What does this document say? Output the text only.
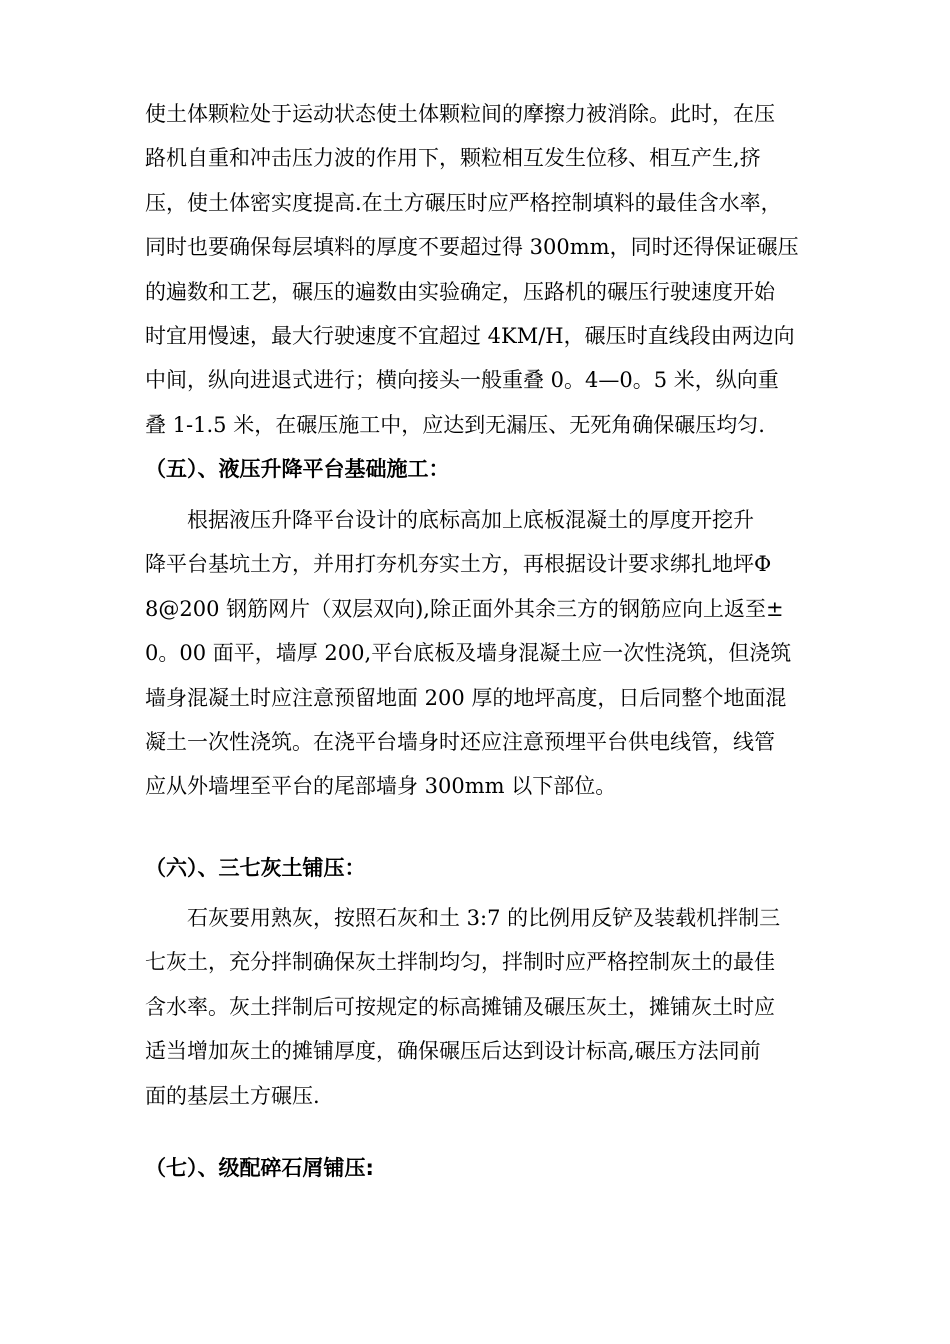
使土体颗粒处于运动状态使土体颗粒间的摩擦力被消除。此时，在压
路机自重和冲击压力波的作用下，颗粒相互发生位移、相互产生,挤
压，使土体密实度提高.在土方碾压时应严格控制填料的最佳含水率，
同时也要确保每层填料的厚度不要超过得 300mm，同时还得保证碾压
的遍数和工艺，碾压的遍数由实验确定，压路机的碾压行驶速度开始
时宜用慢速，最大行驶速度不宜超过 4KM/H，碾压时直线段由两边向
中间，纵向进退式进行；横向接头一般重叠 0。4—0。5 米，纵向重
叠 1-1.5 米，在碾压施工中，应达到无漏压、无死角确保碾压均匀.
（五）、液压升降平台基础施工：
根据液压升降平台设计的底标高加上底板混凝土的厚度开挖升
降平台基坑土方，并用打夯机夯实土方，再根据设计要求绑扎地坪Φ
8@200 钢筋网片（双层双向),除正面外其余三方的钢筋应向上返至±
0。00 面平，墙厚 200,平台底板及墙身混凝土应一次性浇筑，但浇筑
墙身混凝土时应注意预留地面 200 厚的地坪高度，日后同整个地面混
凝土一次性浇筑。在浇平台墙身时还应注意预埋平台供电线管，线管
应从外墙埋至平台的尾部墙身 300mm 以下部位。
（六）、三七灰土铺压：
石灰要用熟灰，按照石灰和土 3:7 的比例用反铲及装载机拌制三
七灰土，充分拌制确保灰土拌制均匀，拌制时应严格控制灰土的最佳
含水率。灰土拌制后可按规定的标高摊铺及碾压灰土，摊铺灰土时应
适当增加灰土的摊铺厚度，确保碾压后达到设计标高,碾压方法同前
面的基层土方碾压.
（七）、级配碎石屑铺压:
